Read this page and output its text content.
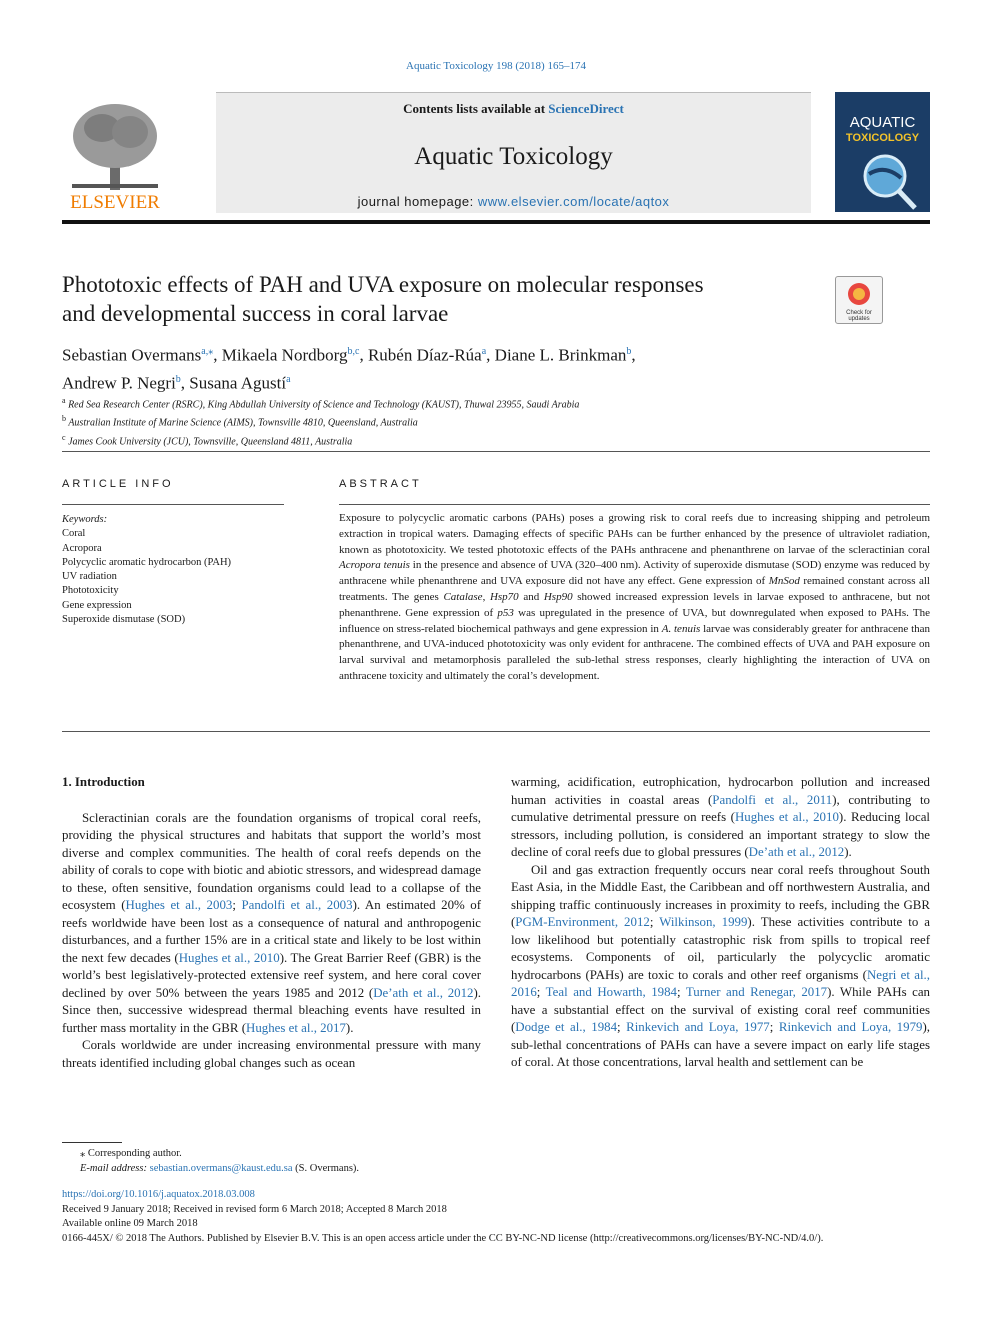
Aquatic Toxicology 198 (2018) 165–174
ELSEVIER
Contents lists available at ScienceDirect
Aquatic Toxicology
journal homepage: www.elsevier.com/locate/aqtox
AQUATIC
TOXICOLOGY
Phototoxic effects of PAH and UVA exposure on molecular responses
and developmental success in coral larvae	Check for
updates
Sebastian Overmans$^{a,⁎}$, Mikaela Nordborg$^{b,c}$, Rubén Díaz-Rúa$^a$, Diane L. Brinkman$^b$,
Andrew P. Negri$^b$, Susana Agustí$^a$
$^a$ Red Sea Research Center (RSRC), King Abdullah University of Science and Technology (KAUST), Thuwal 23955, Saudi Arabia
$^b$ Australian Institute of Marine Science (AIMS), Townsville 4810, Queensland, Australia
$^c$ James Cook University (JCU), Townsville, Queensland 4811, Australia
ARTICLE INFO	ABSTRACT
Keywords:
Coral
Acropora
Polycyclic aromatic hydrocarbon (PAH)
UV radiation
Phototoxicity
Gene expression
Superoxide dismutase (SOD)
Exposure to polycyclic aromatic carbons (PAHs) poses a growing risk to coral reefs due to increasing shipping and petroleum extraction in tropical waters. Damaging effects of specific PAHs can be further enhanced by the presence of ultraviolet radiation, known as phototoxicity. We tested phototoxic effects of the PAHs anthracene and phenanthrene on larvae of the scleractinian coral Acropora tenuis in the presence and absence of UVA (320–400 nm). Activity of superoxide dismutase (SOD) enzyme was reduced by anthracene while phenanthrene and UVA exposure did not have any effect. Gene expression of MnSod remained constant across all treatments. The genes Catalase, Hsp70 and Hsp90 showed increased expression levels in larvae exposed to anthracene, but not phenanthrene. Gene expression of p53 was upregulated in the presence of UVA, but downregulated when exposed to PAHs. The influence on stress-related biochemical pathways and gene expression in A. tenuis larvae was considerably greater for anthracene than phenanthrene, and UVA-induced phototoxicity was only evident for anthracene. The combined effects of UVA and PAH exposure on larval survival and metamorphosis paralleled the sub-lethal stress responses, clearly highlighting the interaction of UVA on anthracene toxicity and ultimately the coral’s development.

1. Introduction

Scleractinian corals are the foundation organisms of tropical coral reefs, providing the physical structures and habitats that support the world’s most diverse and complex communities. The health of coral reefs depends on the ability of corals to cope with biotic and abiotic stressors, and widespread damage to these, often sensitive, foundation organisms could lead to a collapse of the ecosystem (Hughes et al., 2003; Pandolfi et al., 2003). An estimated 20% of reefs worldwide have been lost as a consequence of natural and anthropogenic disturbances, and a further 15% are in a critical state and likely to be lost within the next few decades (Hughes et al., 2010). The Great Barrier Reef (GBR) is the world’s best legislatively-protected extensive reef system, and here coral cover declined by over 50% between the years 1985 and 2012 (De’ath et al., 2012). Since then, successive widespread thermal bleaching events have resulted in further mass mortality in the GBR (Hughes et al., 2017).

Corals worldwide are under increasing environmental pressure with many threats identified including global changes such as ocean

warming, acidification, eutrophication, hydrocarbon pollution and increased human activities in coastal areas (Pandolfi et al., 2011), contributing to cumulative detrimental pressure on reefs (Hughes et al., 2010). Reducing local stressors, including pollution, is considered an important strategy to slow the decline of coral reefs due to global pressures (De’ath et al., 2012).

Oil and gas extraction frequently occurs near coral reefs throughout South East Asia, in the Middle East, the Caribbean and off northwestern Australia, and shipping traffic continuously increases in proximity to reefs, including the GBR (PGM-Environment, 2012; Wilkinson, 1999). These activities contribute to a low likelihood but potentially catastrophic risk from spills to tropical reef ecosystems. Components of oil, particularly the polycyclic aromatic hydrocarbons (PAHs) are toxic to corals and other reef organisms (Negri et al., 2016; Teal and Howarth, 1984; Turner and Renegar, 2017). While PAHs can have a substantial effect on the survival of existing coral reef communities (Dodge et al., 1984; Rinkevich and Loya, 1977; Rinkevich and Loya, 1979), sub-lethal concentrations of PAHs can have a severe impact on early life stages of coral. At those concentrations, larval health and settlement can be

⁎ Corresponding author.
E-mail address: sebastian.overmans@kaust.edu.sa (S. Overmans).
https://doi.org/10.1016/j.aquatox.2018.03.008
Received 9 January 2018; Received in revised form 6 March 2018; Accepted 8 March 2018
Available online 09 March 2018
0166-445X/ © 2018 The Authors. Published by Elsevier B.V. This is an open access article under the CC BY-NC-ND license (http://creativecommons.org/licenses/BY-NC-ND/4.0/).
